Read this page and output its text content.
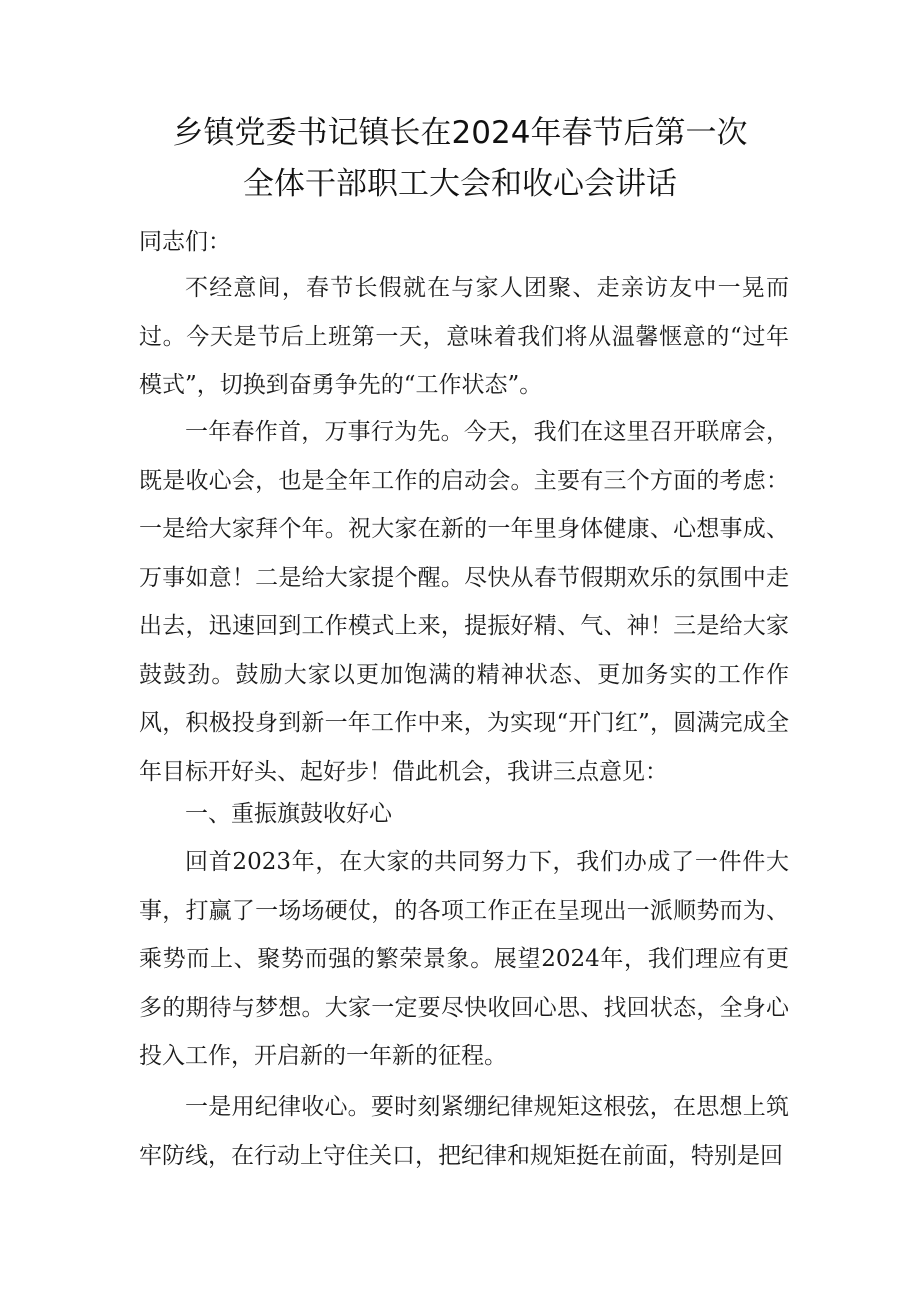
乡镇党委书记镇长在2024年春节后第一次
全体干部职工大会和收心会讲话

同志们：

不经意间，春节长假就在与家人团聚、走亲访友中一晃而过。今天是节后上班第一天，意味着我们将从温馨惬意的“过年模式”，切换到奋勇争先的“工作状态”。

一年春作首，万事行为先。今天，我们在这里召开联席会，既是收心会，也是全年工作的启动会。主要有三个方面的考虑：一是给大家拜个年。祝大家在新的一年里身体健康、心想事成、万事如意！二是给大家提个醒。尽快从春节假期欢乐的氛围中走出去，迅速回到工作模式上来，提振好精、气、神！三是给大家鼓鼓劲。鼓励大家以更加饱满的精神状态、更加务实的工作作风，积极投身到新一年工作中来，为实现“开门红”，圆满完成全年目标开好头、起好步！借此机会，我讲三点意见：

一、重振旗鼓收好心

回首2023年，在大家的共同努力下，我们办成了一件件大事，打赢了一场场硬仗，的各项工作正在呈现出一派顺势而为、乘势而上、聚势而强的繁荣景象。展望2024年，我们理应有更多的期待与梦想。大家一定要尽快收回心思、找回状态，全身心投入工作，开启新的一年新的征程。

一是用纪律收心。要时刻紧绷纪律规矩这根弦，在思想上筑牢防线，在行动上守住关口，把纪律和规矩挺在前面，特别是回
